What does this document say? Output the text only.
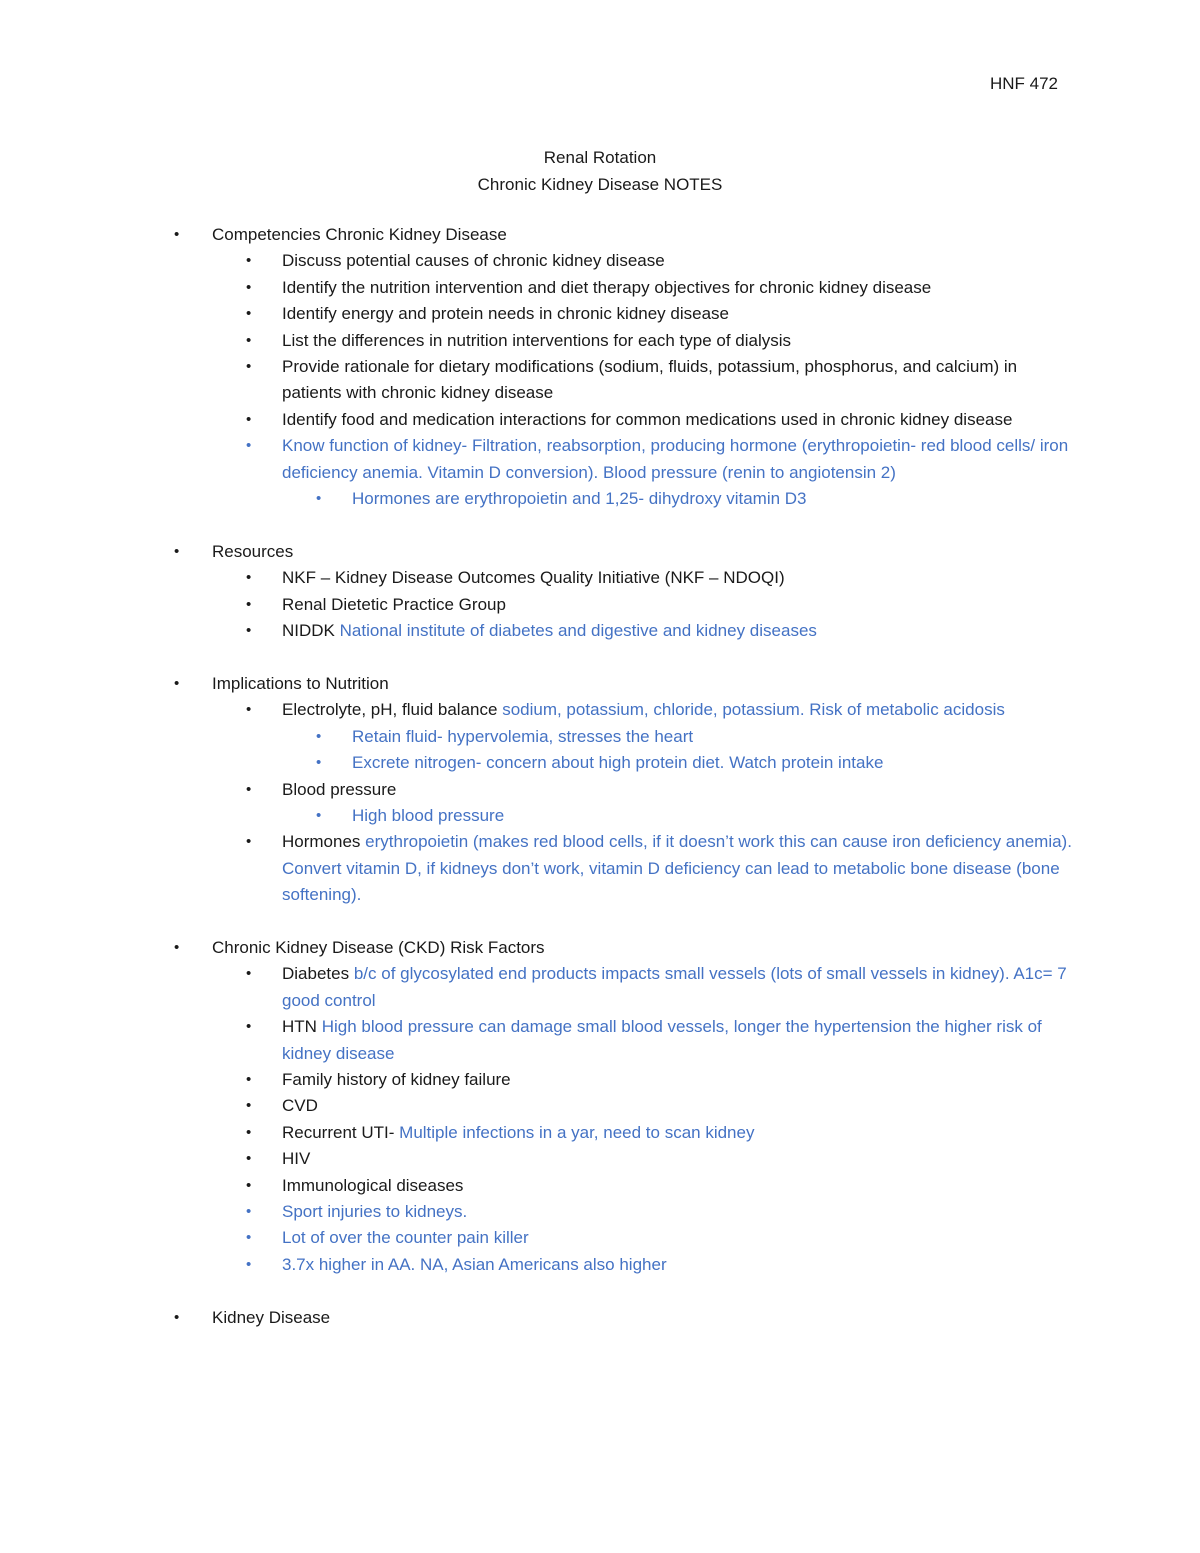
HNF 472
Renal Rotation
Chronic Kidney Disease NOTES
• Competencies Chronic Kidney Disease
• Discuss potential causes of chronic kidney disease
• Identify the nutrition intervention and diet therapy objectives for chronic kidney disease
• Identify energy and protein needs in chronic kidney disease
• List the differences in nutrition interventions for each type of dialysis
• Provide rationale for dietary modifications (sodium, fluids, potassium, phosphorus, and calcium) in patients with chronic kidney disease
• Identify food and medication interactions for common medications used in chronic kidney disease
• Know function of kidney- Filtration, reabsorption, producing hormone (erythropoietin- red blood cells/ iron deficiency anemia. Vitamin D conversion). Blood pressure (renin to angiotensin 2)
• Hormones are erythropoietin and 1,25- dihydroxy vitamin D3
• Resources
• NKF – Kidney Disease Outcomes Quality Initiative (NKF – NDOQI)
• Renal Dietetic Practice Group
• NIDDK National institute of diabetes and digestive and kidney diseases
• Implications to Nutrition
• Electrolyte, pH, fluid balance sodium, potassium, chloride, potassium. Risk of metabolic acidosis
• Retain fluid- hypervolemia, stresses the heart
• Excrete nitrogen- concern about high protein diet. Watch protein intake
• Blood pressure
• High blood pressure
• Hormones erythropoietin (makes red blood cells, if it doesn’t work this can cause iron deficiency anemia). Convert vitamin D, if kidneys don’t work, vitamin D deficiency can lead to metabolic bone disease (bone softening).
• Chronic Kidney Disease (CKD) Risk Factors
• Diabetes b/c of glycosylated end products impacts small vessels (lots of small vessels in kidney). A1c= 7 good control
• HTN High blood pressure can damage small blood vessels, longer the hypertension the higher risk of kidney disease
• Family history of kidney failure
• CVD
• Recurrent UTI- Multiple infections in a yar, need to scan kidney
• HIV
• Immunological diseases
• Sport injuries to kidneys.
• Lot of over the counter pain killer
• 3.7x higher in AA. NA, Asian Americans also higher
• Kidney Disease
